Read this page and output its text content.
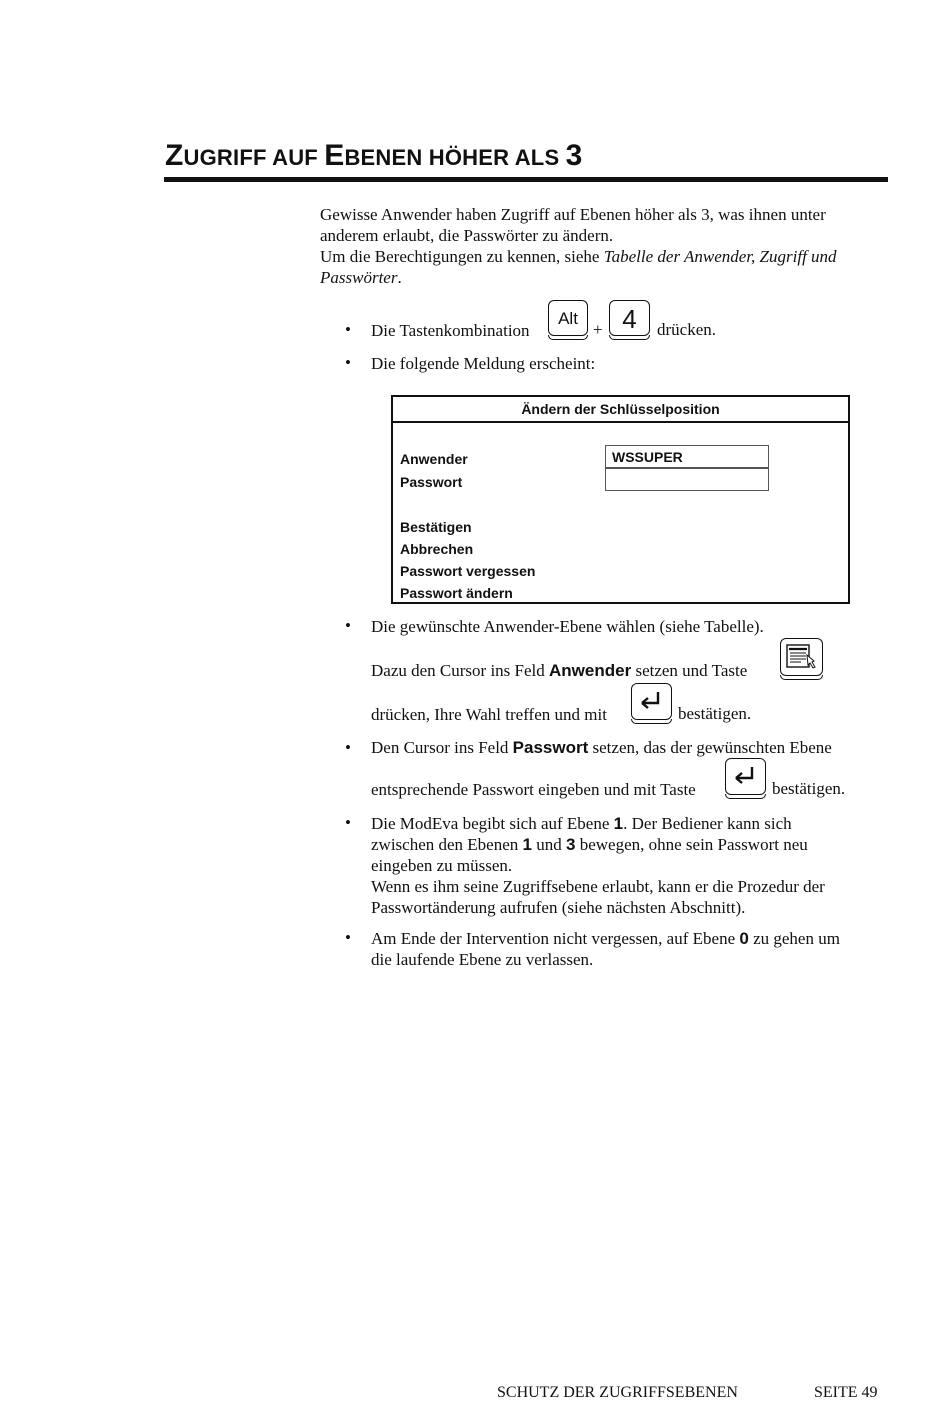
ZUGRIFF AUF EBENEN HÖHER ALS 3
Gewisse Anwender haben Zugriff auf Ebenen höher als 3, was ihnen unter
anderem erlaubt, die Passwörter zu ändern.
Um die Berechtigungen zu kennen, siehe Tabelle der Anwender, Zugriff und
Passwörter.
• Die Tastenkombination
Alt
+ 4	drücken.
• Die folgende Meldung erscheint:
Ändern der Schlüsselposition
Anwender	WSSUPER
Passwort
Bestätigen
Abbrechen
Passwort vergessen
Passwort ändern
• Die gewünschte Anwender-Ebene wählen (siehe Tabelle).
Dazu den Cursor ins Feld Anwender setzen und Taste
drücken, Ihre Wahl treffen und mit	bestätigen.
• Den Cursor ins Feld Passwort setzen, das der gewünschten Ebene
entsprechende Passwort eingeben und mit Taste	bestätigen.
• Die ModEva begibt sich auf Ebene 1. Der Bediener kann sich
zwischen den Ebenen 1 und 3 bewegen, ohne sein Passwort neu
eingeben zu müssen.
Wenn es ihm seine Zugriffsebene erlaubt, kann er die Prozedur der
Passwortänderung aufrufen (siehe nächsten Abschnitt).
• Am Ende der Intervention nicht vergessen, auf Ebene 0 zu gehen um
die laufende Ebene zu verlassen.
SCHUTZ DER ZUGRIFFSEBENEN	SEITE 49
